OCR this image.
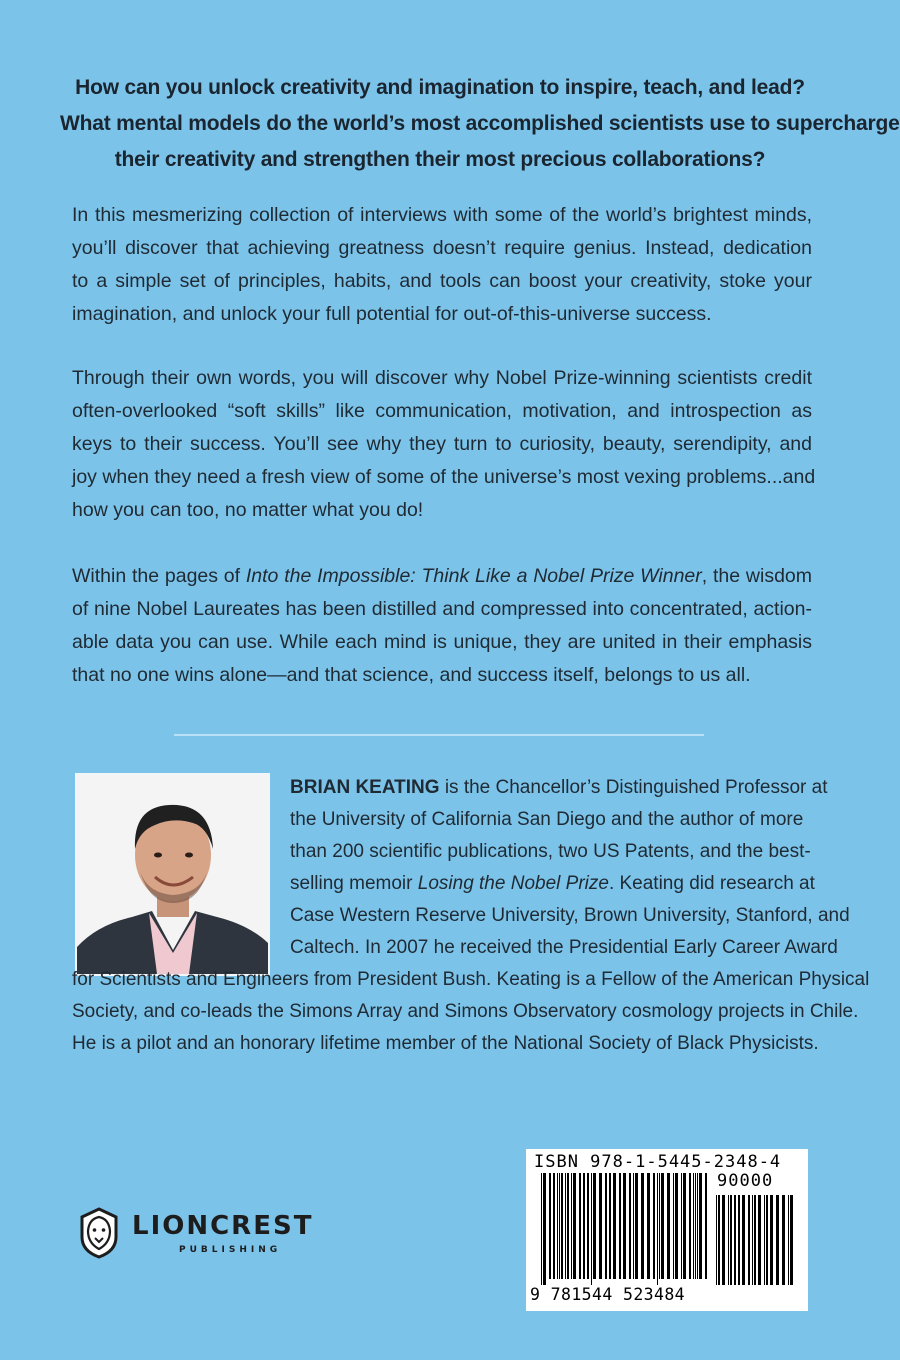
How can you unlock creativity and imagination to inspire, teach, and lead?
What mental models do the world’s most accomplished scientists use to supercharge
their creativity and strengthen their most precious collaborations?
In this mesmerizing collection of interviews with some of the world’s brightest minds,
you’ll discover that achieving greatness doesn’t require genius. Instead, dedication
to a simple set of principles, habits, and tools can boost your creativity, stoke your
imagination, and unlock your full potential for out-of-this-universe success.
Through their own words, you will discover why Nobel Prize-winning scientists credit
often-overlooked “soft skills” like communication, motivation, and introspection as
keys to their success. You’ll see why they turn to curiosity, beauty, serendipity, and
joy when they need a fresh view of some of the universe’s most vexing problems...and
how you can too, no matter what you do!
Within the pages of Into the Impossible: Think Like a Nobel Prize Winner, the wisdom
of nine Nobel Laureates has been distilled and compressed into concentrated, action-
able data you can use. While each mind is unique, they are united in their emphasis
that no one wins alone—and that science, and success itself, belongs to us all.
BRIAN KEATING is the Chancellor’s Distinguished Professor at
the University of California San Diego and the author of more
than 200 scientific publications, two US Patents, and the best-
selling memoir Losing the Nobel Prize. Keating did research at
Case Western Reserve University, Brown University, Stanford, and
Caltech. In 2007 he received the Presidential Early Career Award
for Scientists and Engineers from President Bush. Keating is a Fellow of the American Physical
Society, and co-leads the Simons Array and Simons Observatory cosmology projects in Chile.
He is a pilot and an honorary lifetime member of the National Society of Black Physicists.
LIONCREST
PUBLISHING
ISBN 978-1-5445-2348-4
90000
9 781544 523484
